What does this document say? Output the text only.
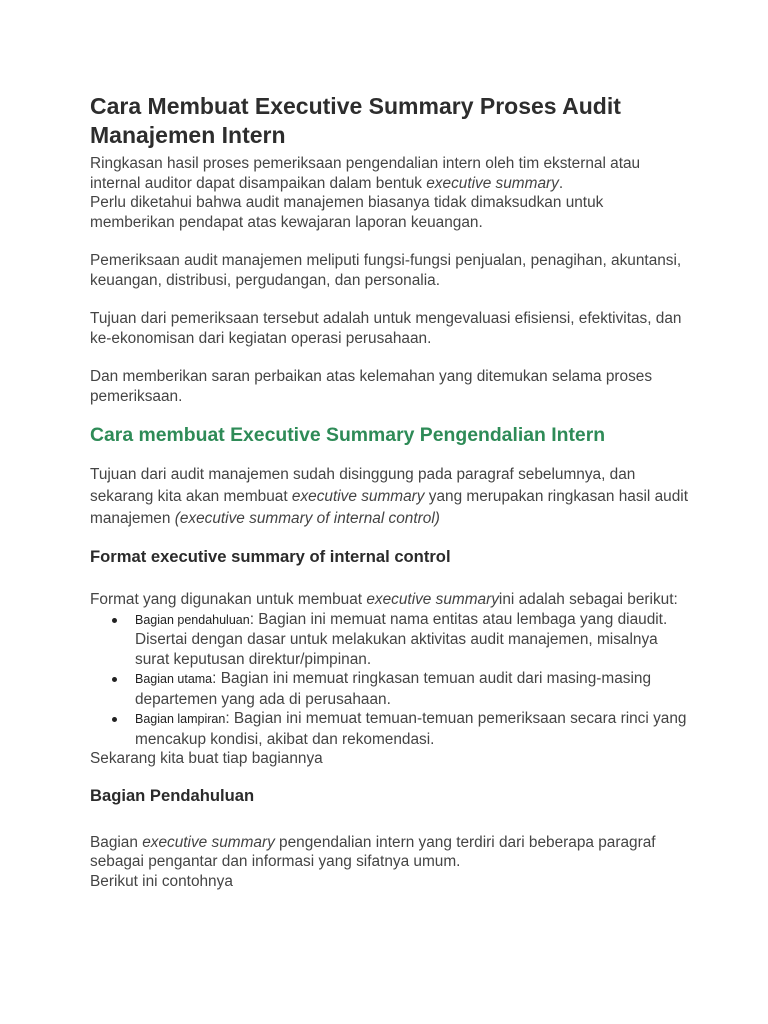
Cara Membuat Executive Summary Proses Audit Manajemen Intern

Ringkasan hasil proses pemeriksaan pengendalian intern oleh tim eksternal atau internal auditor dapat disampaikan dalam bentuk executive summary.
Perlu diketahui bahwa audit manajemen biasanya tidak dimaksudkan untuk memberikan pendapat atas kewajaran laporan keuangan.

Pemeriksaan audit manajemen meliputi fungsi-fungsi penjualan, penagihan, akuntansi, keuangan, distribusi, pergudangan, dan personalia.

Tujuan dari pemeriksaan tersebut adalah untuk mengevaluasi efisiensi, efektivitas, dan ke-ekonomisan dari kegiatan operasi perusahaan.

Dan memberikan saran perbaikan atas kelemahan yang ditemukan selama proses pemeriksaan.

Cara membuat Executive Summary Pengendalian Intern

Tujuan dari audit manajemen sudah disinggung pada paragraf sebelumnya, dan sekarang kita akan membuat executive summary yang merupakan ringkasan hasil audit manajemen (executive summary of internal control)

Format executive summary of internal control

Format yang digunakan untuk membuat executive summaryini adalah sebagai berikut:

Bagian pendahuluan: Bagian ini memuat nama entitas atau lembaga yang diaudit.
Disertai dengan dasar untuk melakukan aktivitas audit manajemen, misalnya surat keputusan direktur/pimpinan.
Bagian utama: Bagian ini memuat ringkasan temuan audit dari masing-masing departemen yang ada di perusahaan.
Bagian lampiran: Bagian ini memuat temuan-temuan pemeriksaan secara rinci yang mencakup kondisi, akibat dan rekomendasi.

Sekarang kita buat tiap bagiannya

Bagian Pendahuluan

Bagian executive summary pengendalian intern yang terdiri dari beberapa paragraf sebagai pengantar dan informasi yang sifatnya umum.
Berikut ini contohnya
